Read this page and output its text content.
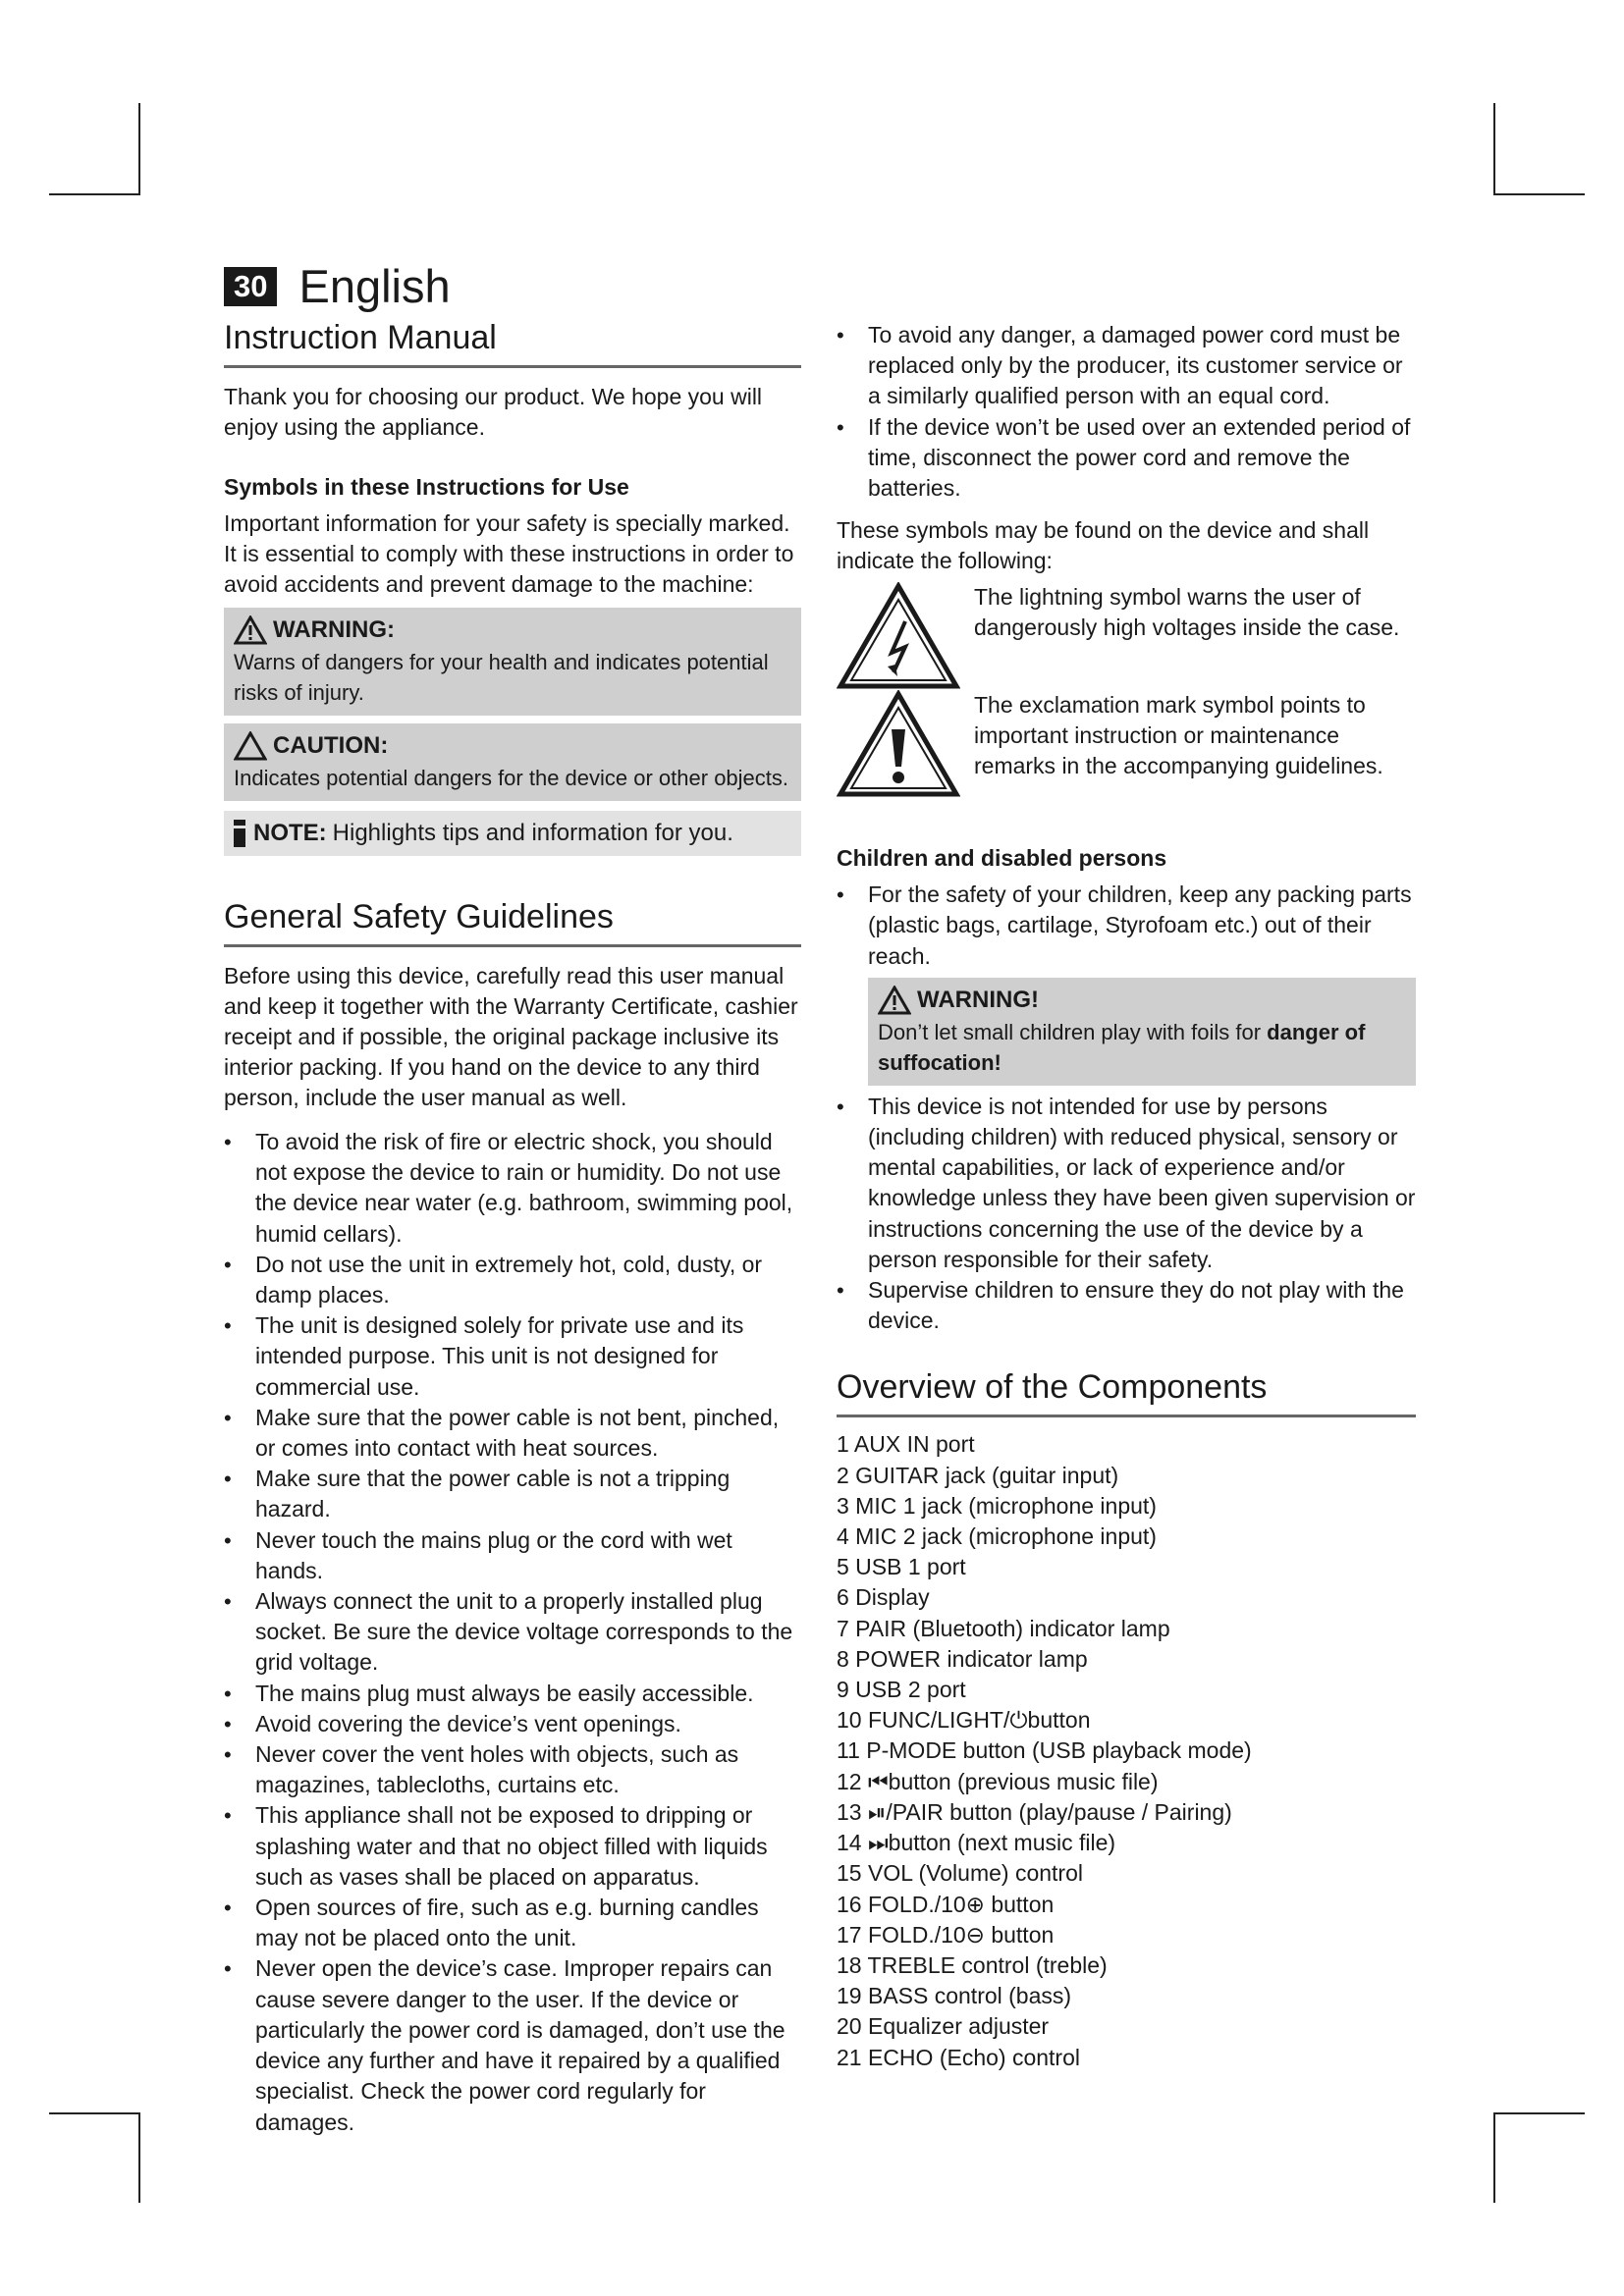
30 English
Instruction Manual

Thank you for choosing our product. We hope you will enjoy using the appliance.

Symbols in these Instructions for Use

Important information for your safety is specially marked. It is essential to comply with these instructions in order to avoid accidents and prevent damage to the machine:

WARNING:

Warns of dangers for your health and indicates potential risks of injury.

CAUTION:

Indicates potential dangers for the device or other objects.

NOTE: Highlights tips and information for you.
General Safety Guidelines

Before using this device, carefully read this user manual and keep it together with the Warranty Certificate, cashier receipt and if possible, the original package inclusive its interior packing. If you hand on the device to any third person, include the user manual as well.

• To avoid the risk of fire or electric shock, you should not expose the device to rain or humidity. Do not use the device near water (e.g. bathroom, swimming pool, humid cellars).
• Do not use the unit in extremely hot, cold, dusty, or damp places.
• The unit is designed solely for private use and its intended purpose. This unit is not designed for commercial use.
• Make sure that the power cable is not bent, pinched, or comes into contact with heat sources.
• Make sure that the power cable is not a tripping hazard.
• Never touch the mains plug or the cord with wet hands.
• Always connect the unit to a properly installed plug socket. Be sure the device voltage corresponds to the grid voltage.
• The mains plug must always be easily accessible.
• Avoid covering the device’s vent openings.
• Never cover the vent holes with objects, such as magazines, tablecloths, curtains etc.
• This appliance shall not be exposed to dripping or splashing water and that no object filled with liquids such as vases shall be placed on apparatus.
• Open sources of fire, such as e.g. burning candles may not be placed onto the unit.
• Never open the device’s case. Improper repairs can cause severe danger to the user. If the device or particularly the power cord is damaged, don’t use the device any further and have it repaired by a qualified specialist. Check the power cord regularly for damages.
• To avoid any danger, a damaged power cord must be replaced only by the producer, its customer service or a similarly qualified person with an equal cord.
• If the device won’t be used over an extended period of time, disconnect the power cord and remove the batteries.

These symbols may be found on the device and shall indicate the following:

The lightning symbol warns the user of dangerously high voltages inside the case.

The exclamation mark symbol points to important instruction or maintenance remarks in the accompanying guidelines.

Children and disabled persons
• For the safety of your children, keep any packing parts (plastic bags, cartilage, Styrofoam etc.) out of their reach.
WARNING!

Don’t let small children play with foils for danger of suffocation!

• This device is not intended for use by persons (including children) with reduced physical, sensory or mental capabilities, or lack of experience and/or knowledge unless they have been given supervision or instructions concerning the use of the device by a person responsible for their safety.
• Supervise children to ensure they do not play with the device.
Overview of the Components

1 AUX IN port

2 GUITAR jack (guitar input)

3 MIC 1 jack (microphone input)

4 MIC 2 jack (microphone input)

5 USB 1 port

6 Display

7 PAIR (Bluetooth) indicator lamp

8 POWER indicator lamp

9 USB 2 port

10 FUNC/LIGHT/⏻button

11 P-MODE button (USB playback mode)

12 ⏮button (previous music file)

13 ⏯/PAIR button (play/pause / Pairing)

14 ⏭button (next music file)

15 VOL (Volume) control

16 FOLD./10⊕ button

17 FOLD./10⊖ button

18 TREBLE control (treble)

19 BASS control (bass)

20 Equalizer adjuster

21 ECHO (Echo) control
